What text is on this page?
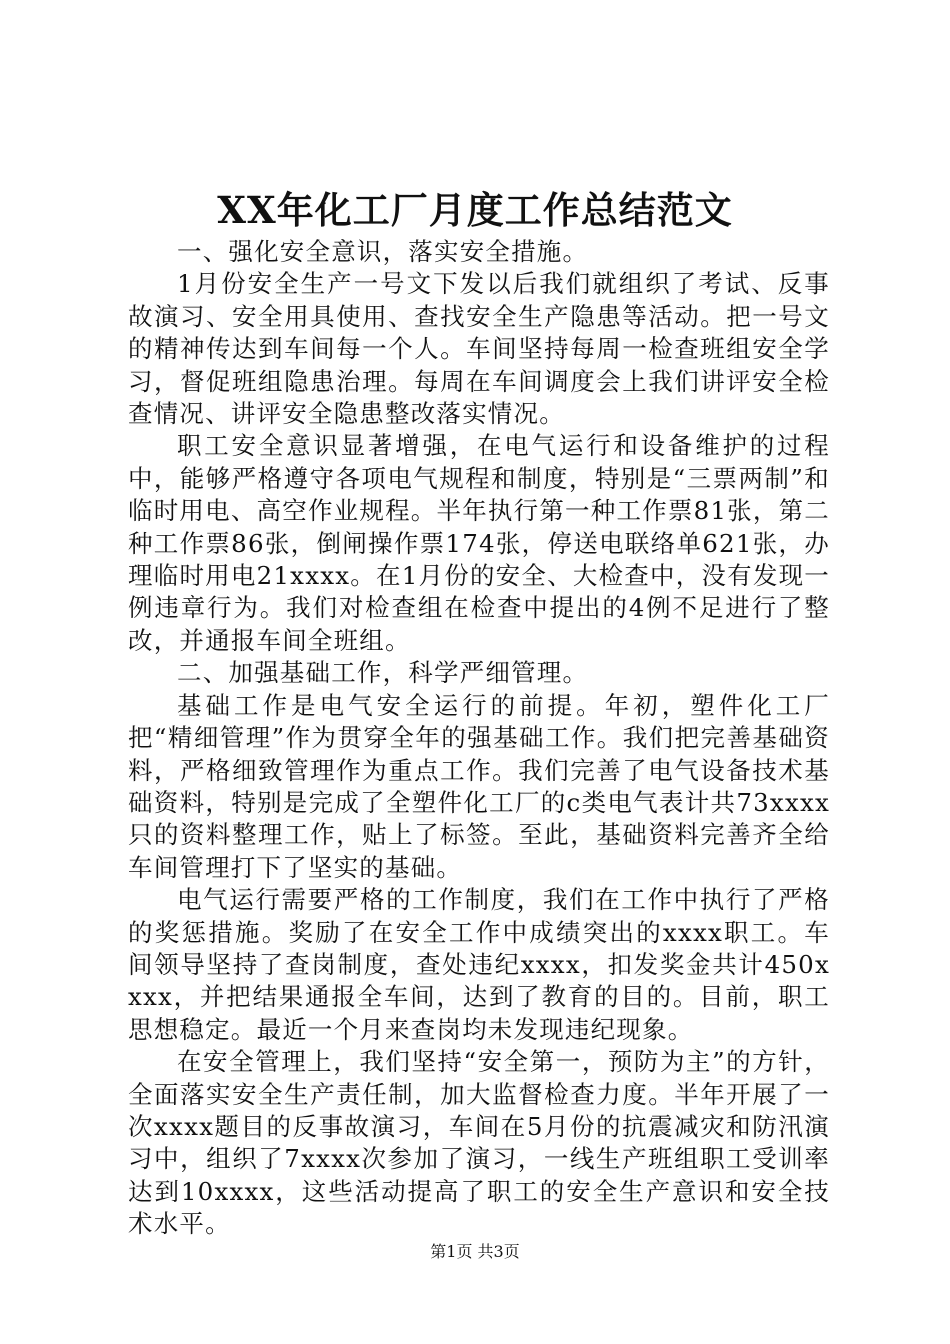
XX年化工厂月度工作总结范文

一、强化安全意识，落实安全措施。

1月份安全生产一号文下发以后我们就组织了考试、反事故演习、安全用具使用、查找安全生产隐患等活动。把一号文的精神传达到车间每一个人。车间坚持每周一检查班组安全学习，督促班组隐患治理。每周在车间调度会上我们讲评安全检查情况、讲评安全隐患整改落实情况。

职工安全意识显著增强，在电气运行和设备维护的过程中，能够严格遵守各项电气规程和制度，特别是“三票两制”和临时用电、高空作业规程。半年执行第一种工作票81张，第二种工作票86张，倒闸操作票174张，停送电联络单621张，办理临时用电21xxxx。在1月份的安全、大检查中，没有发现一例违章行为。我们对检查组在检查中提出的4例不足进行了整改，并通报车间全班组。

二、加强基础工作，科学严细管理。

基础工作是电气安全运行的前提。年初，塑件化工厂把“精细管理”作为贯穿全年的强基础工作。我们把完善基础资料，严格细致管理作为重点工作。我们完善了电气设备技术基础资料，特别是完成了全塑件化工厂的c类电气表计共73xxxx只的资料整理工作，贴上了标签。至此，基础资料完善齐全给车间管理打下了坚实的基础。

电气运行需要严格的工作制度，我们在工作中执行了严格的奖惩措施。奖励了在安全工作中成绩突出的xxxx职工。车间领导坚持了查岗制度，查处违纪xxxx，扣发奖金共计450xxxx，并把结果通报全车间，达到了教育的目的。目前，职工思想稳定。最近一个月来查岗均未发现违纪现象。

在安全管理上，我们坚持“安全第一，预防为主”的方针，全面落实安全生产责任制，加大监督检查力度。半年开展了一次xxxx题目的反事故演习，车间在5月份的抗震减灾和防汛演习中，组织了7xxxx次参加了演习，一线生产班组职工受训率达到10xxxx，这些活动提高了职工的安全生产意识和安全技术水平。

第1页 共3页
